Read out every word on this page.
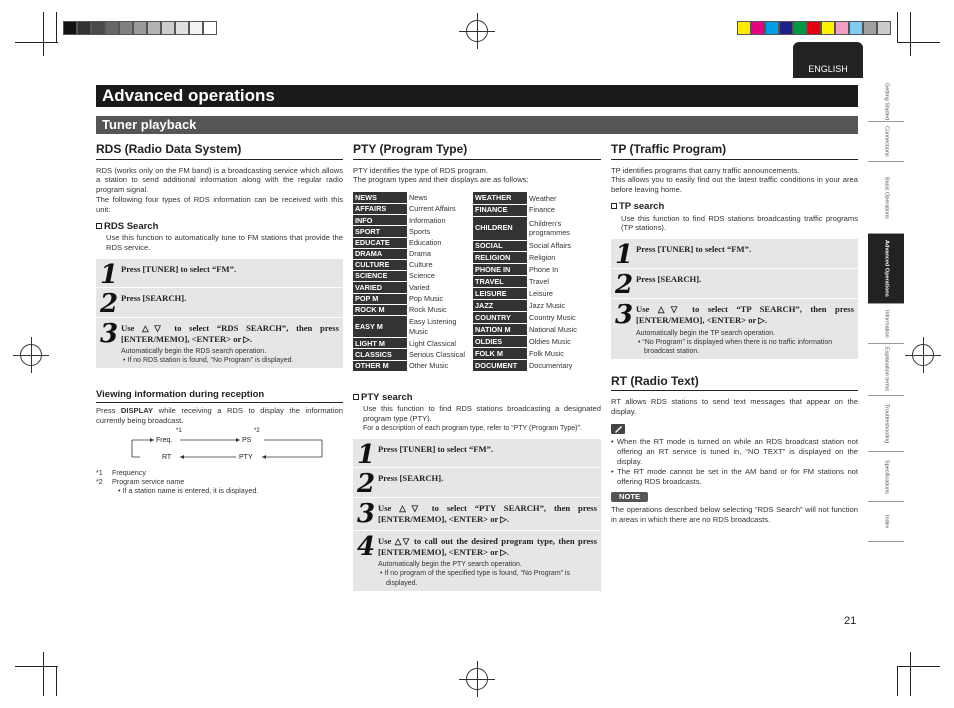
ENGLISH
Advanced operations
Tuner playback
Getting Started
Connections
Basic Operations
Advanced Operations
Information
Explanation terms
Troubleshooting
Specifications
Index
RDS (Radio Data System)
RDS (works only on the FM band) is a broadcasting service which allows a station to send additional information along with the regular radio program signal.
The following four types of RDS information can be received with this unit:
RDS Search
Use this function to automatically tune to FM stations that provide the RDS service.
1 Press [TUNER] to select “FM”.
2 Press [SEARCH].
3 Use △▽ to select “RDS SEARCH”, then press [ENTER/MEMO], <ENTER> or ▷.
Automatically begin the RDS search operation.
• If no RDS station is found, “No Program” is displayed.
Viewing information during reception
Press DISPLAY while receiving a RDS to display the information currently being broadcast.
Freq.
*1
PS
*2
RT	PTY
*1 Frequency
*2 Program service name
• If a station name is entered, it is displayed.
PTY (Program Type)
PTY identifies the type of RDS program.
The program types and their displays are as follows:
NEWS	News
AFFAIRS	Current Affairs
INFO	Information
SPORT	Sports
EDUCATE	Education
DRAMA	Drama
CULTURE	Culture
SCIENCE	Science
VARIED	Varied
POP M	Pop Music
ROCK M	Rock Music
EASY M	Easy Listening Music
LIGHT M	Light Classical
CLASSICS	Serious Classical
OTHER M	Other Music
WEATHER	Weather
FINANCE	Finance
CHILDREN	Children’s programmes
SOCIAL	Social Affairs
RELIGION	Religion
PHONE IN	Phone In
TRAVEL	Travel
LEISURE	Leisure
JAZZ	Jazz Music
COUNTRY	Country Music
NATION M	National Music
OLDIES	Oldies Music
FOLK M	Folk Music
DOCUMENT	Documentary
PTY search
Use this function to find RDS stations broadcasting a designated program type (PTY).
For a description of each program type, refer to “PTY (Program Type)”.
1 Press [TUNER] to select “FM”.
2 Press [SEARCH].
3 Use △▽ to select “PTY SEARCH”, then press [ENTER/MEMO], <ENTER> or ▷.
4 Use △▽ to call out the desired program type, then press [ENTER/MEMO], <ENTER> or ▷.
Automatically begin the PTY search operation.
• If no program of the specified type is found, “No Program” is displayed.
TP (Traffic Program)
TP identifies programs that carry traffic announcements.
This allows you to easily find out the latest traffic conditions in your area before leaving home.
TP search
Use this function to find RDS stations broadcasting traffic programs (TP stations).
1 Press [TUNER] to select “FM”.
2 Press [SEARCH].
3 Use △▽ to select “TP SEARCH”, then press [ENTER/MEMO], <ENTER> or ▷.
Automatically begin the TP search operation.
• “No Program” is displayed when there is no traffic information broadcast station.
RT (Radio Text)
RT allows RDS stations to send text messages that appear on the display.
• When the RT mode is turned on while an RDS broadcast station not offering an RT service is tuned in, “NO TEXT” is displayed on the display.
• The RT mode cannot be set in the AM band or for FM stations not offering RDS broadcasts.
NOTE
The operations described below selecting “RDS Search” will not function in areas in which there are no RDS broadcasts.
21
